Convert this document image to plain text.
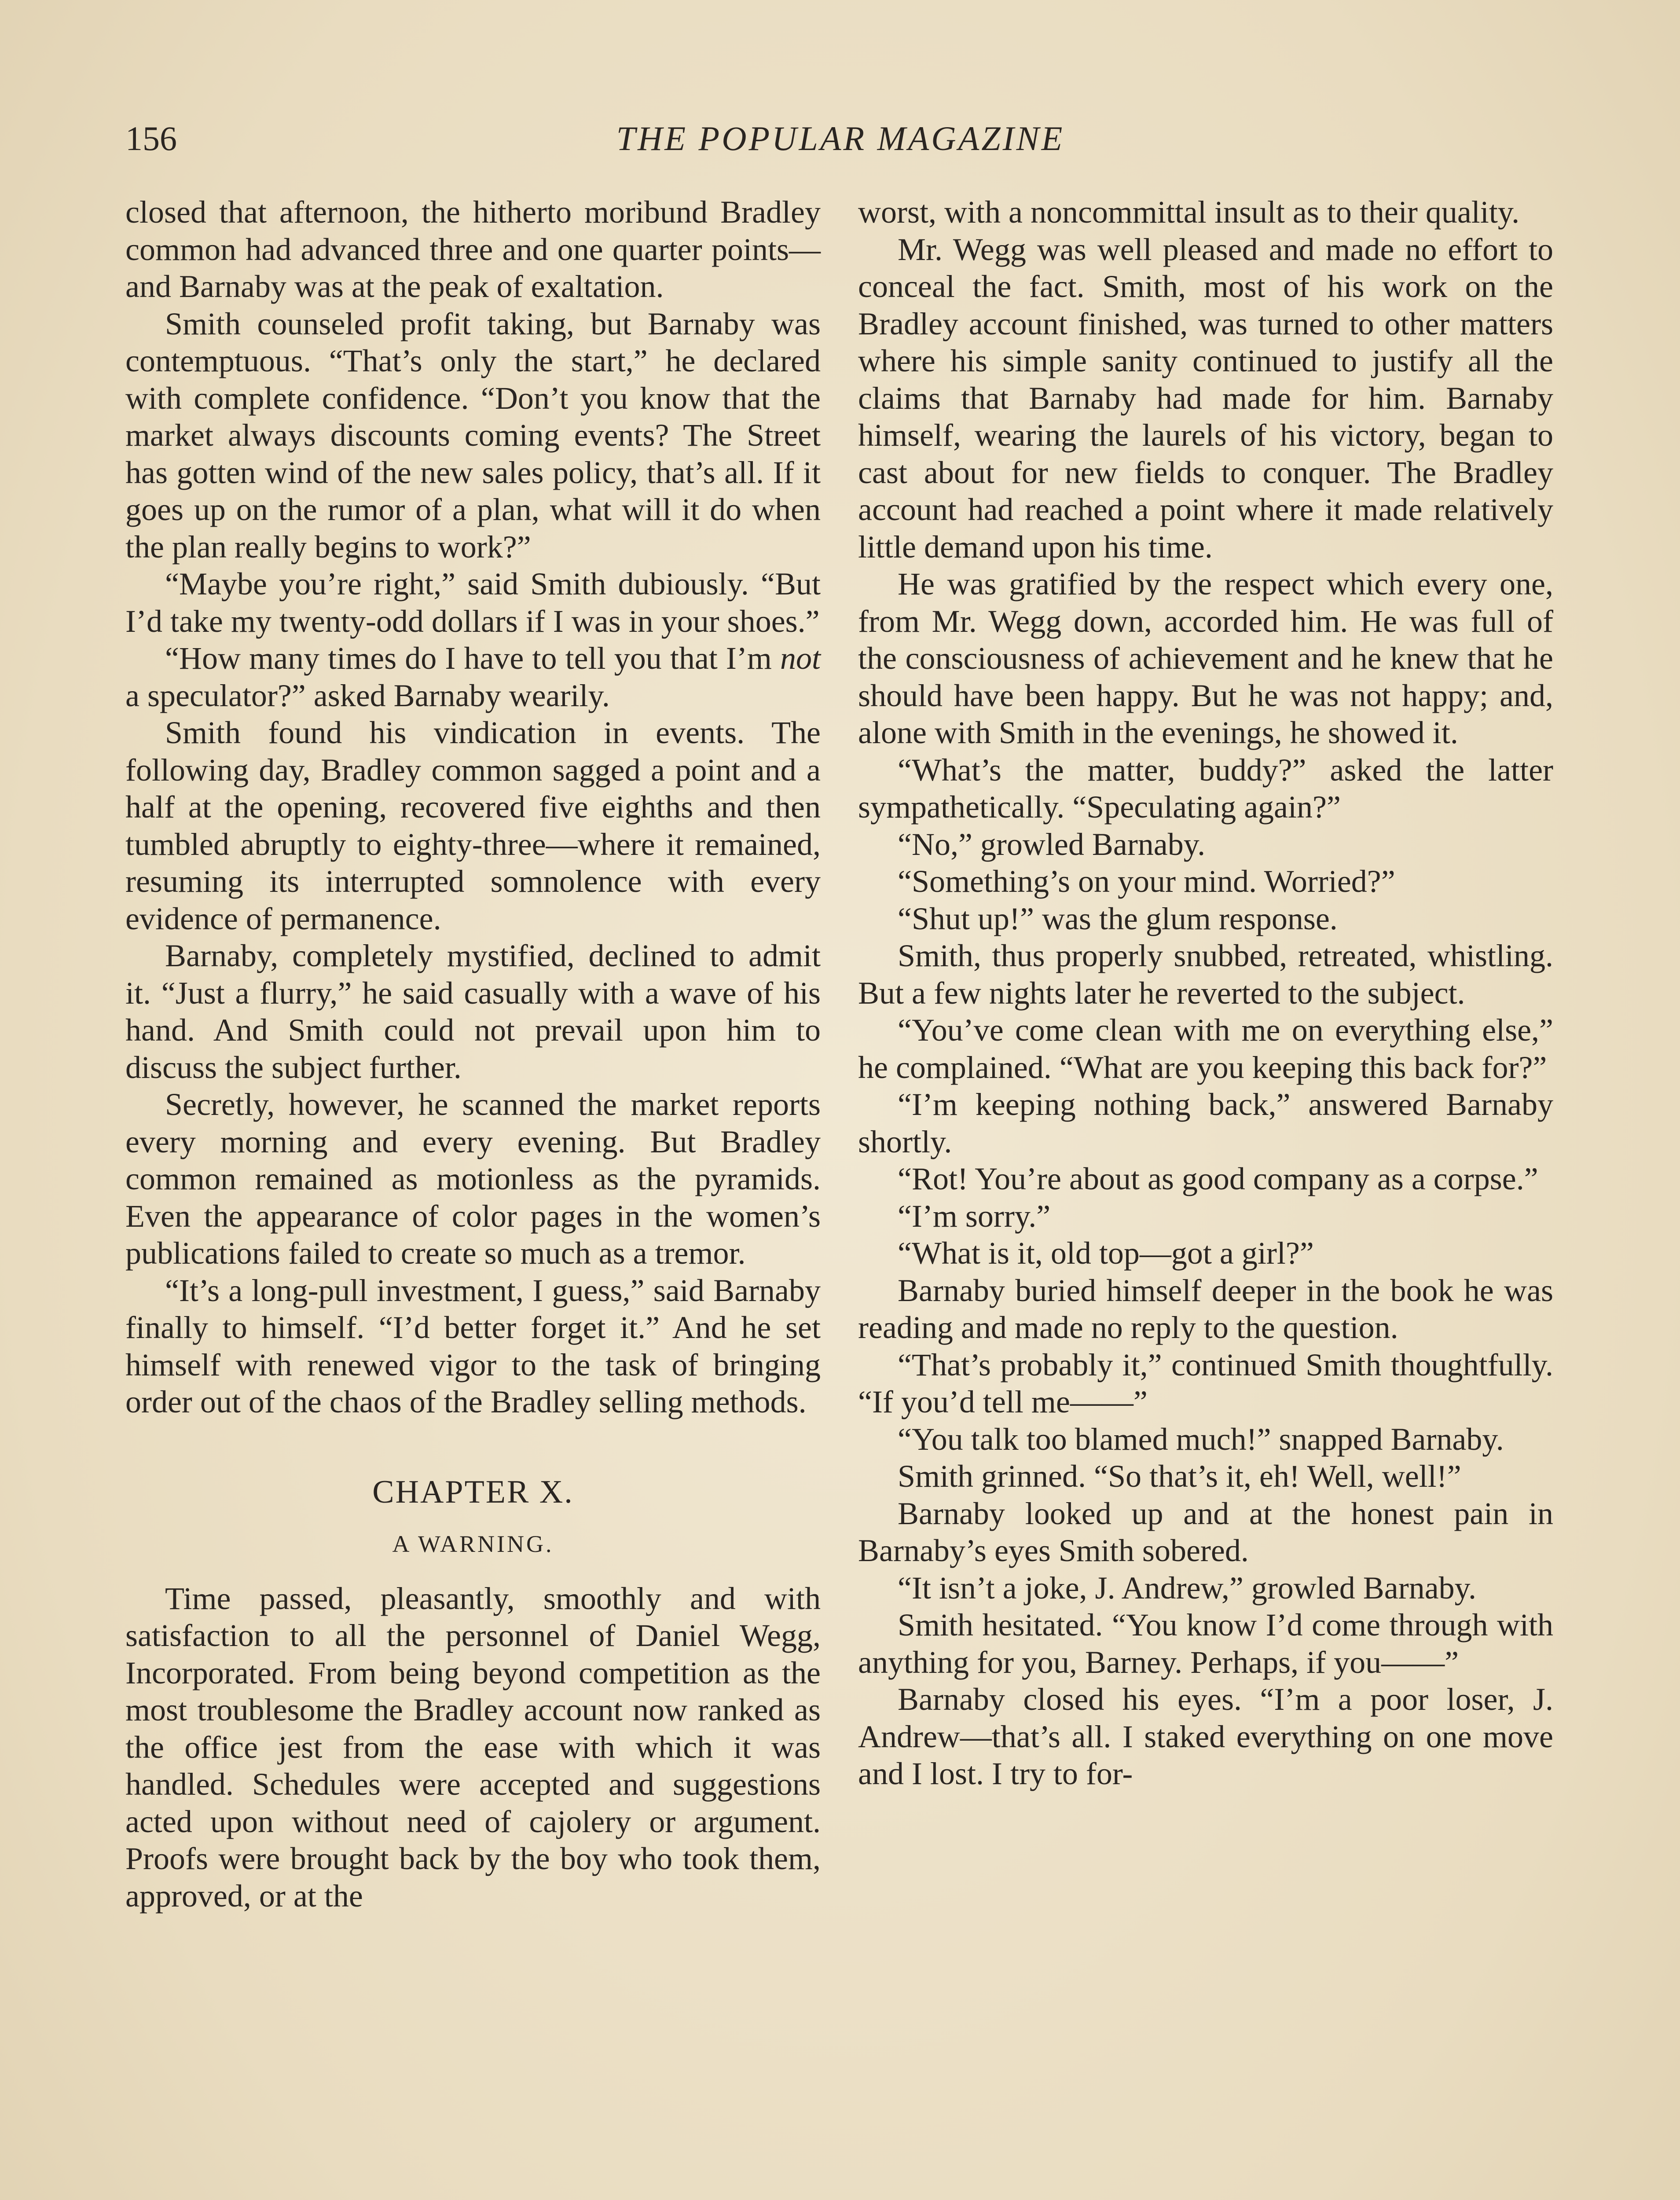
156	THE POPULAR MAGAZINE

closed that afternoon, the hitherto moribund Bradley common had advanced three and one quarter points—and Barnaby was at the peak of exaltation.

Smith counseled profit taking, but Barnaby was contemptuous. “That’s only the start,” he declared with complete confidence. “Don’t you know that the market always discounts coming events? The Street has gotten wind of the new sales policy, that’s all. If it goes up on the rumor of a plan, what will it do when the plan really begins to work?”

“Maybe you’re right,” said Smith dubiously. “But I’d take my twenty-odd dollars if I was in your shoes.”

“How many times do I have to tell you that I’m not a speculator?” asked Barnaby wearily.

Smith found his vindication in events. The following day, Bradley common sagged a point and a half at the opening, recovered five eighths and then tumbled abruptly to eighty-three—where it remained, resuming its interrupted somnolence with every evidence of permanence.

Barnaby, completely mystified, declined to admit it. “Just a flurry,” he said casually with a wave of his hand. And Smith could not prevail upon him to discuss the subject further.

Secretly, however, he scanned the market reports every morning and every evening. But Bradley common remained as motionless as the pyramids. Even the appearance of color pages in the women’s publications failed to create so much as a tremor.

“It’s a long-pull investment, I guess,” said Barnaby finally to himself. “I’d better forget it.” And he set himself with renewed vigor to the task of bringing order out of the chaos of the Bradley selling methods.

CHAPTER X.
A WARNING.

Time passed, pleasantly, smoothly and with satisfaction to all the personnel of Daniel Wegg, Incorporated. From being beyond competition as the most troublesome the Bradley account now ranked as the office jest from the ease with which it was handled. Schedules were accepted and suggestions acted upon without need of cajolery or argument. Proofs were brought back by the boy who took them, approved, or at the

worst, with a noncommittal insult as to their quality.

Mr. Wegg was well pleased and made no effort to conceal the fact. Smith, most of his work on the Bradley account finished, was turned to other matters where his simple sanity continued to justify all the claims that Barnaby had made for him. Barnaby himself, wearing the laurels of his victory, began to cast about for new fields to conquer. The Bradley account had reached a point where it made relatively little demand upon his time.

He was gratified by the respect which every one, from Mr. Wegg down, accorded him. He was full of the consciousness of achievement and he knew that he should have been happy. But he was not happy; and, alone with Smith in the evenings, he showed it.

“What’s the matter, buddy?” asked the latter sympathetically. “Speculating again?”

“No,” growled Barnaby.

“Something’s on your mind. Worried?”

“Shut up!” was the glum response.

Smith, thus properly snubbed, retreated, whistling. But a few nights later he reverted to the subject.

“You’ve come clean with me on everything else,” he complained. “What are you keeping this back for?”

“I’m keeping nothing back,” answered Barnaby shortly.

“Rot! You’re about as good company as a corpse.”

“I’m sorry.”

“What is it, old top—got a girl?”

Barnaby buried himself deeper in the book he was reading and made no reply to the question.

“That’s probably it,” continued Smith thoughtfully. “If you’d tell me——”

“You talk too blamed much!” snapped Barnaby.

Smith grinned. “So that’s it, eh! Well, well!”

Barnaby looked up and at the honest pain in Barnaby’s eyes Smith sobered.

“It isn’t a joke, J. Andrew,” growled Barnaby.

Smith hesitated. “You know I’d come through with anything for you, Barney. Perhaps, if you——”

Barnaby closed his eyes. “I’m a poor loser, J. Andrew—that’s all. I staked everything on one move and I lost. I try to for-
